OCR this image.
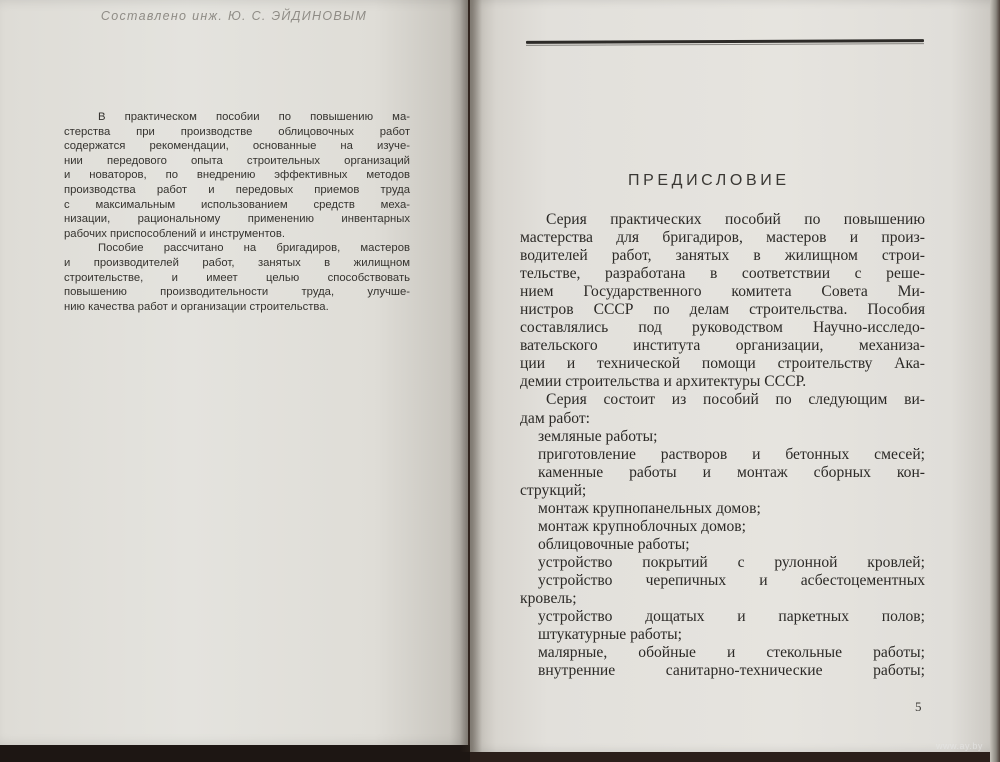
Составлено инж. Ю. С. ЭЙДИНОВЫМ
В практическом пособии по повышению ма-
стерства при производстве облицовочных работ
содержатся рекомендации, основанные на изуче-
нии передового опыта строительных организаций
и новаторов, по внедрению эффективных методов
производства работ и передовых приемов труда
с максимальным использованием средств меха-
низации, рациональному применению инвентарных
рабочих приспособлений и инструментов.
Пособие рассчитано на бригадиров, мастеров
и производителей работ, занятых в жилищном
строительстве, и имеет целью способствовать
повышению производительности труда, улучше-
нию качества работ и организации строительства.
ПРЕДИСЛОВИЕ
Серия практических пособий по повышению
мастерства для бригадиров, мастеров и произ-
водителей работ, занятых в жилищном строи-
тельстве, разработана в соответствии с реше-
нием Государственного комитета Совета Ми-
нистров СССР по делам строительства. Пособия
составлялись под руководством Научно-исследо-
вательского института организации, механиза-
ции и технической помощи строительству Ака-
демии строительства и архитектуры СССР.
Серия состоит из пособий по следующим ви-
дам работ:
земляные работы;
приготовление растворов и бетонных смесей;
каменные работы и монтаж сборных кон-
струкций;
монтаж крупнопанельных домов;
монтаж крупноблочных домов;
облицовочные работы;
устройство покрытий с рулонной кровлей;
устройство черепичных и асбестоцементных
кровель;
устройство дощатых и паркетных полов;
штукатурные работы;
малярные, обойные и стекольные работы;
внутренние санитарно-технические работы;
5
www.ay.by
